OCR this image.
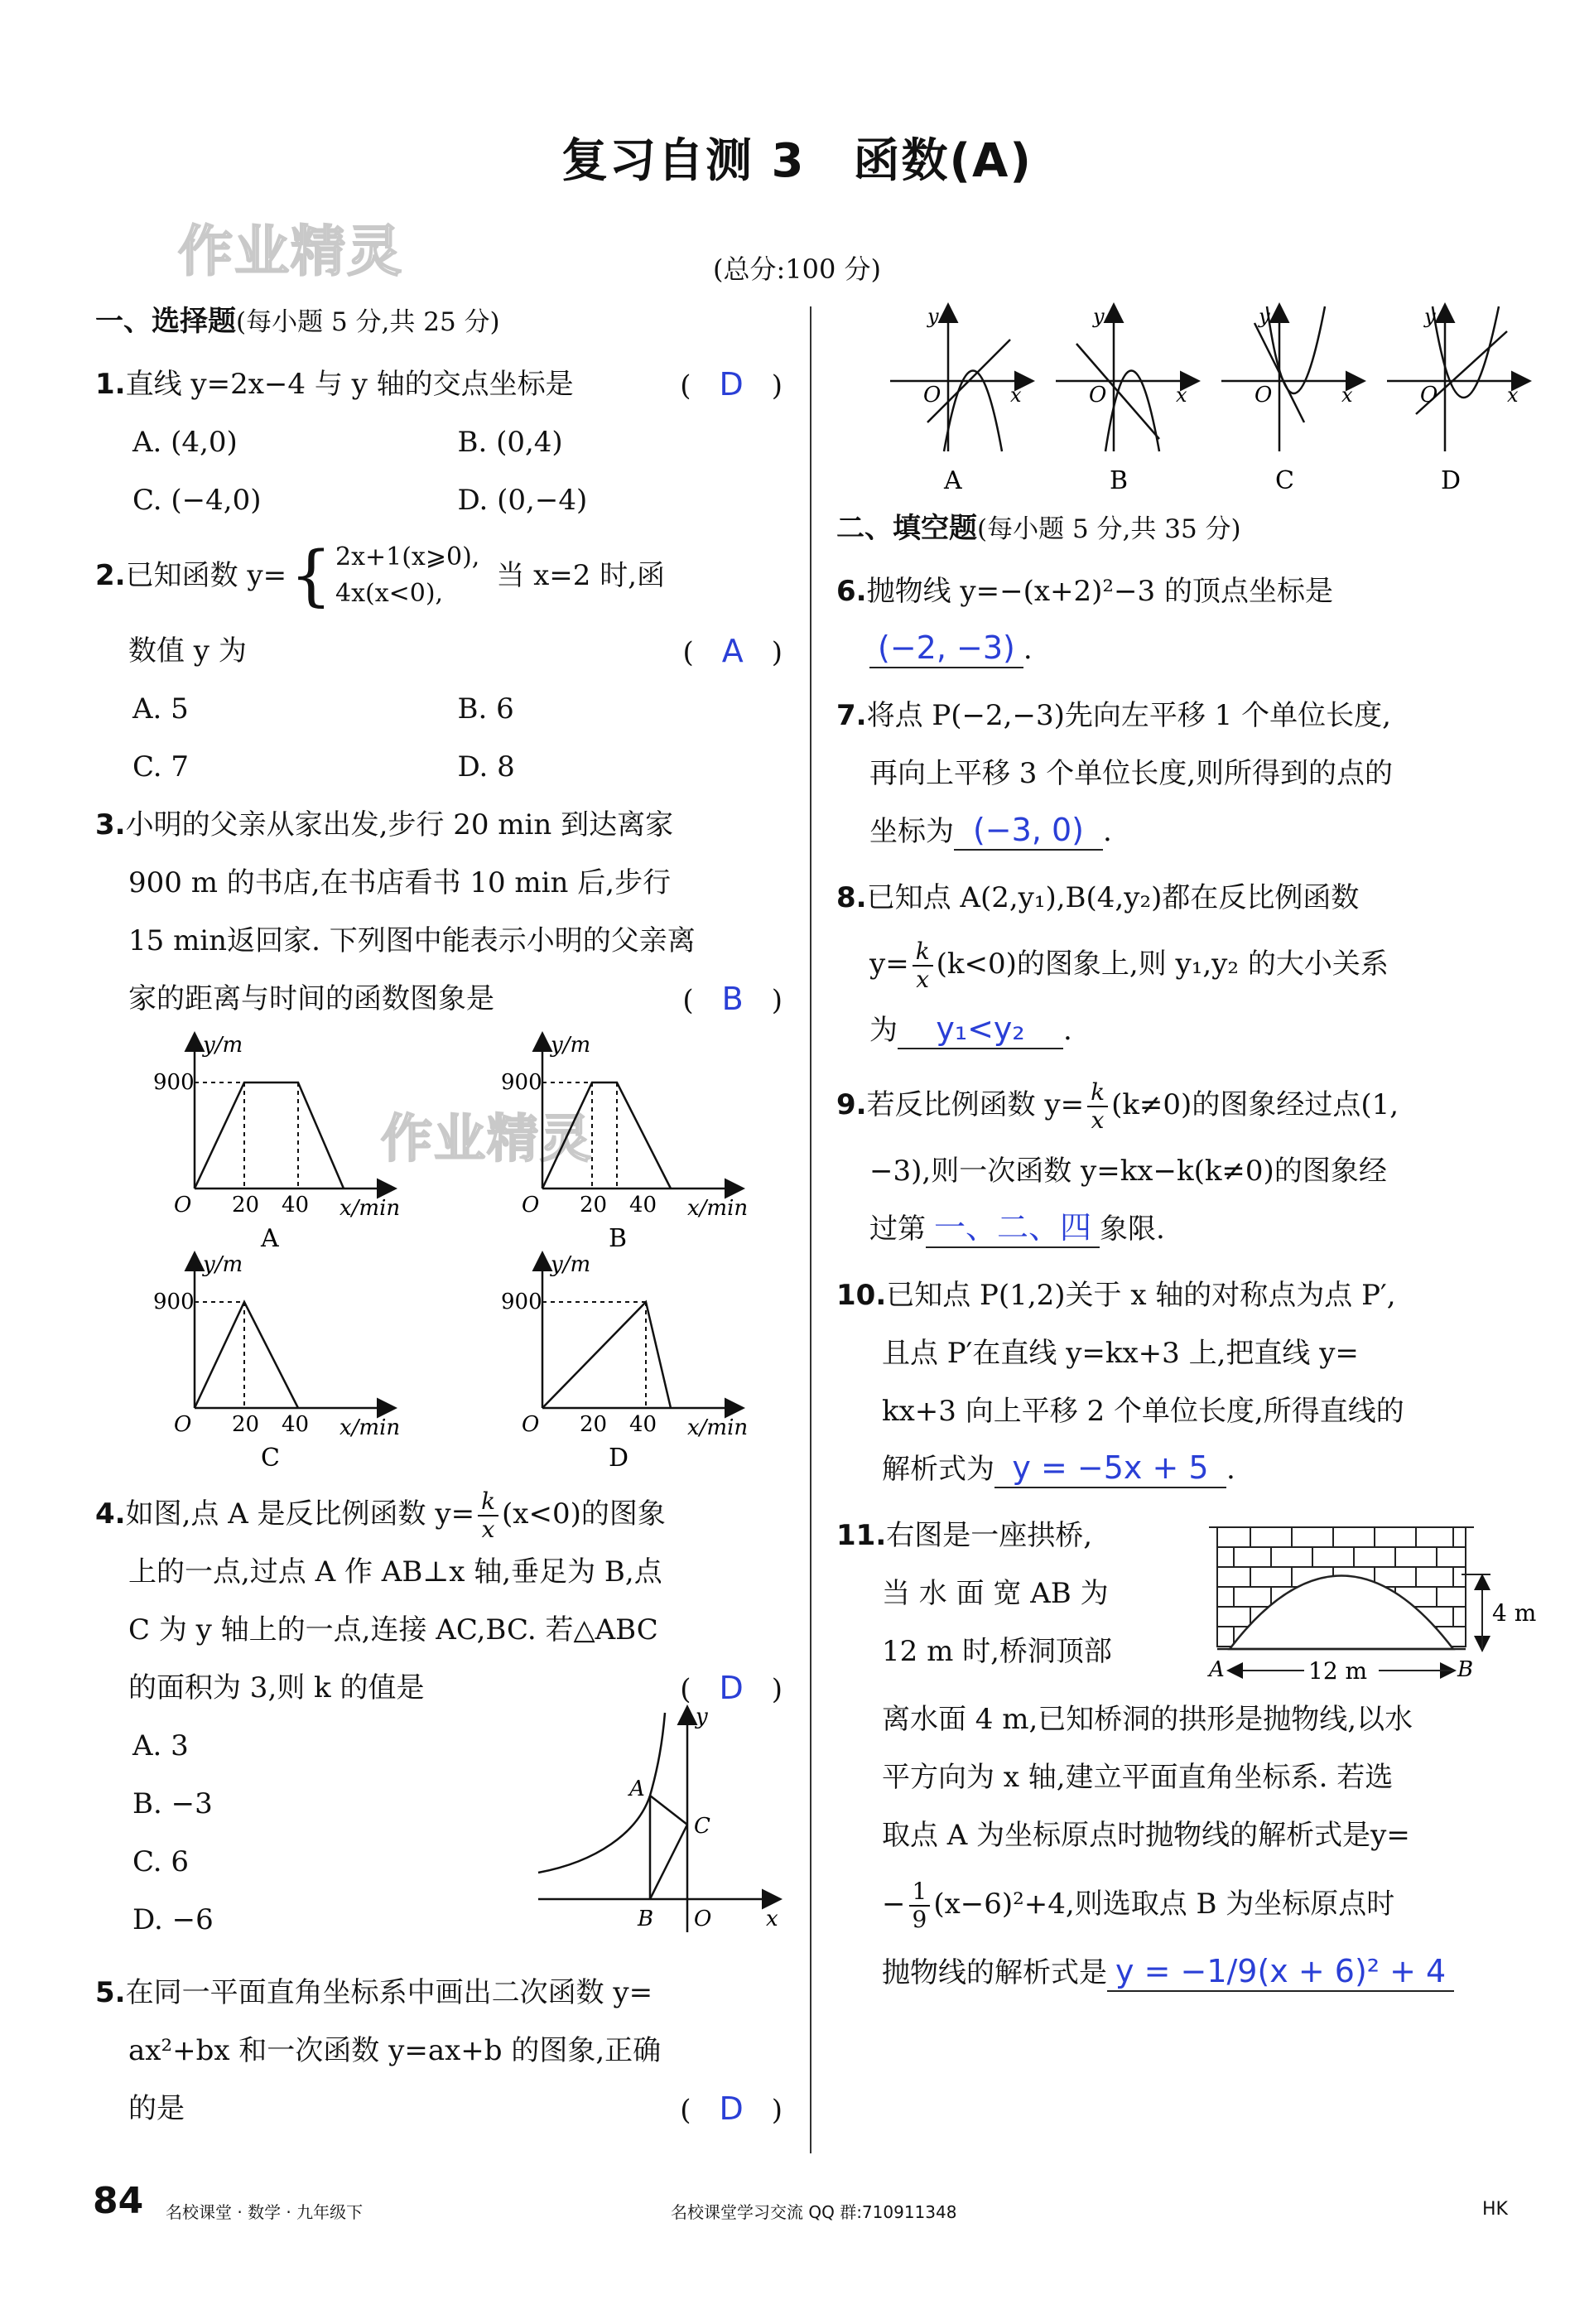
复习自测 3　函数(A)
作业精灵
作业精灵
(总分:100 分)
一、选择题(每小题 5 分,共 25 分)
1.直线 y=2x−4 与 y 轴的交点坐标是	(　D　)
A. (4,0)	B. (0,4)
C. (−4,0)	D. (0,−4)
2. 已知函数 y= { 2x+1(x⩾0),
4x(x<0),
当 x=2 时,函
数值 y 为	(　A　)
A. 5	B. 6
C. 7	D. 8
3.小明的父亲从家出发,步行 20 min 到达离家
900 m 的书店,在书店看书 10 min 后,步行
15 min返回家. 下列图中能表示小明的父亲离
家的距离与时间的函数图象是	(　B　)
y/m
900
O 20 40 x/min
A
y/m
900
O 20 40 x/min
B
y/m
900
O 20 40 x/min
C
y/m
900
O 20 40 x/min
D
4.如图,点 A 是反比例函数 $y= \frac{k}{x} (x<0)$的图象
上的一点,过点 A 作 AB⊥x 轴,垂足为 B,点
C 为 y 轴上的一点,连接 AC,BC. 若△ABC
的面积为 3,则 k 的值是	(　D　)
A. 3
B. −3
C. 6
D. −6
A
B
C
O	x
y
5.在同一平面直角坐标系中画出二次函数 y=
ax²+bx 和一次函数 y=ax+b 的图象,正确
的是	(　D　)
O	x
y
A
O	x
y
B
O	x
y
C
O	x
y
D
二、填空题(每小题 5 分,共 35 分)
6.抛物线 y=−(x+2)²−3 的顶点坐标是
(−2, −3) .
7.将点 P(−2,−3)先向左平移 1 个单位长度,
再向上平移 3 个单位长度,则所得到的点的
坐标为 (−3, 0) .
8.已知点 A(2,y₁),B(4,y₂)都在反比例函数
$y= \frac{k}{x} (k<0)$的图象上,则 y₁,y₂ 的大小关系
为 y₁<y₂ .
9.若反比例函数 $y= \frac{k}{x} (k\ne 0)$的图象经过点(1,
−3),则一次函数 y=kx−k(k≠0)的图象经
过第 一、二、四 象限.
10.已知点 P(1,2)关于 x 轴的对称点为点 P′,
且点 P′在直线 y=kx+3 上,把直线 y=
kx+3 向上平移 2 个单位长度,所得直线的
解析式为 y = −5x + 5 .
11.右图是一座拱桥,
当 水 面 宽 AB 为
12 m 时,桥洞顶部
4 m
12 m
A	B
离水面 4 m,已知桥洞的拱形是抛物线,以水
平方向为 x 轴,建立平面直角坐标系. 若选
取点 A 为坐标原点时抛物线的解析式是y=
− $\frac{1}{9} (x-6)^2+4$,则选取点 B 为坐标原点时
抛物线的解析式是 y = −1/9(x + 6)² + 4
84 名校课堂 · 数学 · 九年级下	名校课堂学习交流 QQ 群:710911348	HK
